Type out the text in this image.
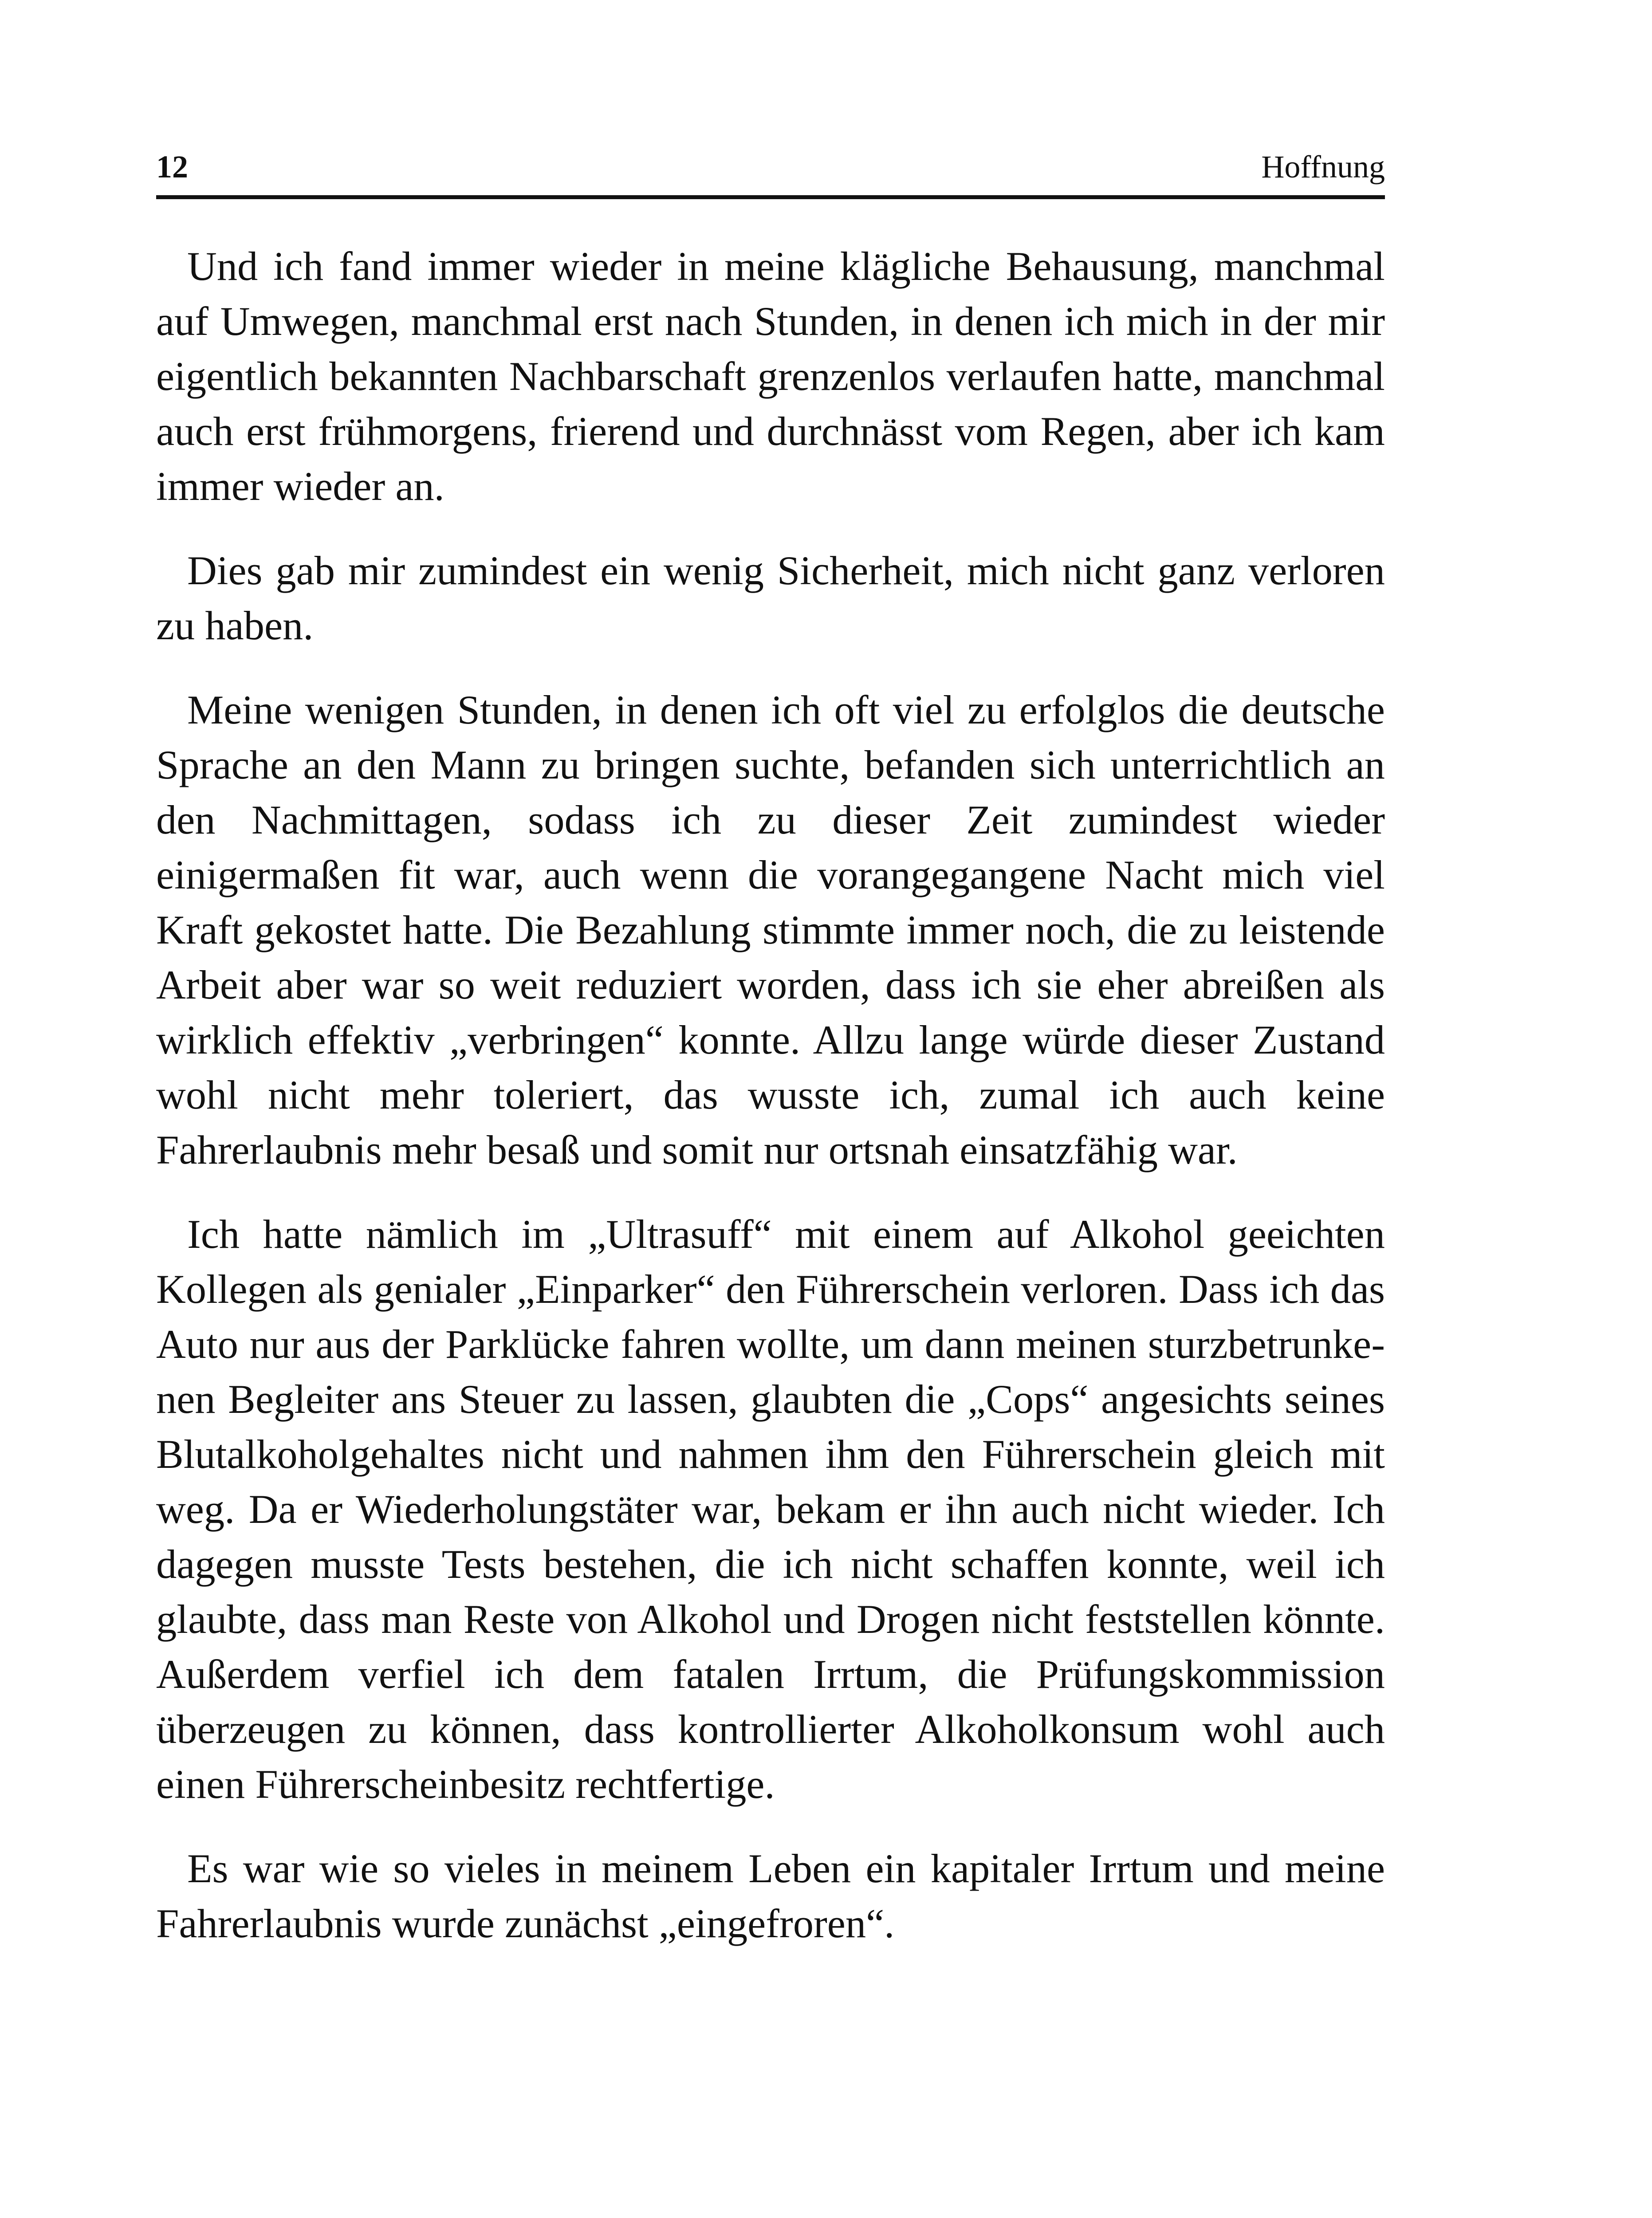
12	Hoffnung

Und ich fand immer wieder in meine klägliche Behausung, manchmal auf Umwegen, manchmal erst nach Stunden, in denen ich mich in der mir eigentlich bekannten Nachbarschaft grenzenlos verlaufen hatte, manchmal auch erst frühmorgens, frierend und durchnässt vom Regen, aber ich kam immer wieder an.

Dies gab mir zumindest ein wenig Sicherheit, mich nicht ganz verloren zu haben.

Meine wenigen Stunden, in denen ich oft viel zu erfolglos die deutsche Sprache an den Mann zu bringen suchte, befanden sich unterrichtlich an den Nachmittagen, sodass ich zu dieser Zeit zumindest wieder einigermaßen fit war, auch wenn die vorangegangene Nacht mich viel Kraft gekostet hatte. Die Bezahlung stimmte immer noch, die zu leistende Arbeit aber war so weit reduziert worden, dass ich sie eher abreißen als wirklich effektiv „verbringen“ konnte. Allzu lange würde dieser Zustand wohl nicht mehr toleriert, das wusste ich, zumal ich auch keine Fahrerlaubnis mehr besaß und somit nur ortsnah einsatzfähig war.

Ich hatte nämlich im „Ultrasuff“ mit einem auf Alkohol geeichten Kollegen als genialer „Einparker“ den Führerschein verloren. Dass ich das Auto nur aus der Parklücke fahren wollte, um dann meinen sturzbetrunkenen Begleiter ans Steuer zu lassen, glaubten die „Cops“ angesichts seines Blutalkoholgehaltes nicht und nahmen ihm den Führerschein gleich mit weg. Da er Wiederholungstäter war, bekam er ihn auch nicht wieder. Ich dagegen musste Tests bestehen, die ich nicht schaffen konnte, weil ich glaubte, dass man Reste von Alkohol und Drogen nicht feststellen könnte. Außerdem verfiel ich dem fatalen Irrtum, die Prüfungskommission überzeugen zu können, dass kontrollierter Alkoholkonsum wohl auch einen Führerscheinbesitz rechtfertige.

Es war wie so vieles in meinem Leben ein kapitaler Irrtum und meine Fahrerlaubnis wurde zunächst „eingefroren“.
